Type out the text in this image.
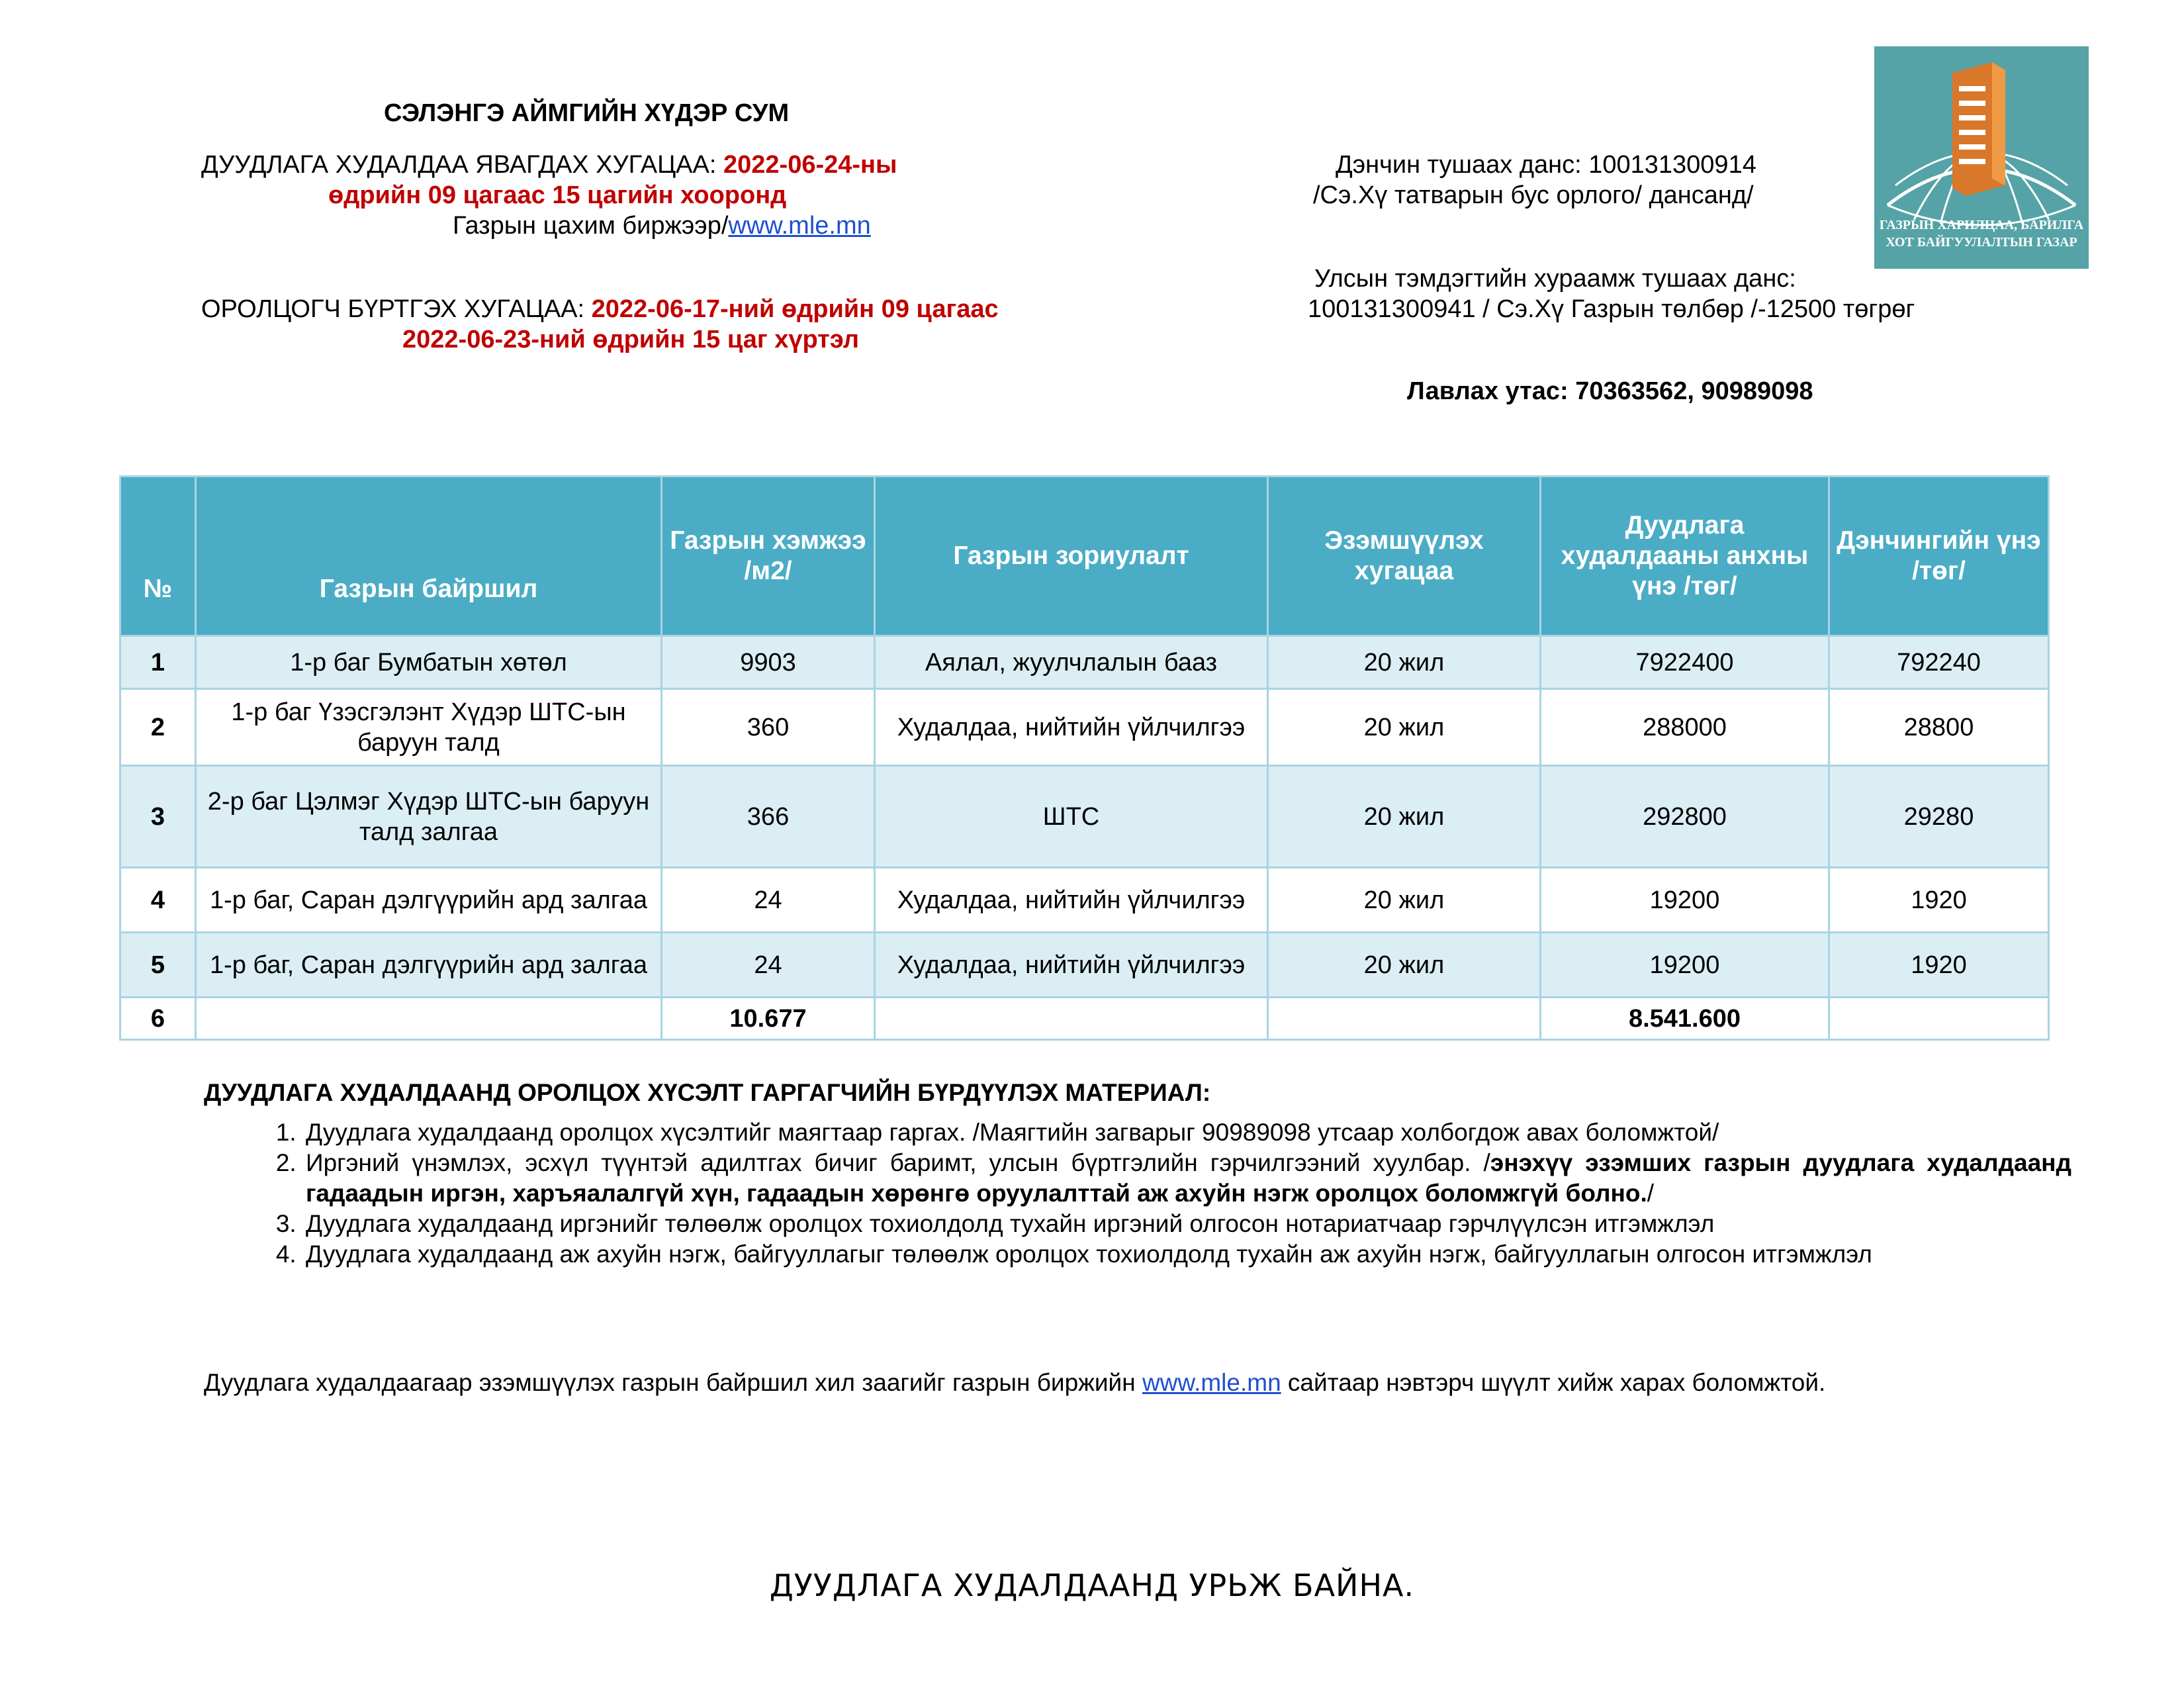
СЭЛЭНГЭ АЙМГИЙН ХҮДЭР СУМ
ДУУДЛАГА ХУДАЛДАА ЯВАГДАХ ХУГАЦАА: 2022-06-24-ны
өдрийн 09 цагаас 15 цагийн хооронд
Газрын цахим биржээр/www.mle.mn
ОРОЛЦОГЧ БҮРТГЭХ ХУГАЦАА: 2022-06-17-ний өдрийн 09 цагаас
2022-06-23-ний өдрийн 15 цаг хүртэл
Дэнчин тушаах данс: 100131300914
/Сэ.Хү татварын бус орлого/ дансанд/
Улсын тэмдэгтийн хураамж тушаах данс:
100131300941 / Сэ.Хү Газрын төлбөр /-12500 төгрөг
Лавлах утас: 70363562, 90989098
ГАЗРЫН ХАРИЛЦАА, БАРИЛГА
ХОТ БАЙГУУЛАЛТЫН ГАЗАР
№	Газрын байршил	Газрын хэмжээ /м2/	Газрын зориулалт	Эзэмшүүлэх хугацаа	Дуудлага худалдааны анхны үнэ /төг/	Дэнчингийн үнэ /төг/
1	1-р баг Бумбатын хөтөл	9903	Аялал, жуулчлалын бааз	20 жил	7922400	792240
2	1-р баг Үзэсгэлэнт Хүдэр ШТС-ын баруун талд	360	Худалдаа, нийтийн үйлчилгээ	20 жил	288000	28800
3	2-р баг Цэлмэг Хүдэр ШТС-ын баруун талд залгаа	366	ШТС	20 жил	292800	29280
4	1-р баг, Саран дэлгүүрийн ард залгаа	24	Худалдаа, нийтийн үйлчилгээ	20 жил	19200	1920
5	1-р баг, Саран дэлгүүрийн ард залгаа	24	Худалдаа, нийтийн үйлчилгээ	20 жил	19200	1920
6		10.677			8.541.600	
ДУУДЛАГА ХУДАЛДААНД ОРОЛЦОХ ХҮСЭЛТ ГАРГАГЧИЙН БҮРДҮҮЛЭХ МАТЕРИАЛ:
1. Дуудлага худалдаанд оролцох хүсэлтийг маягтаар гаргах. /Маягтийн загварыг 90989098 утсаар холбогдож авах боломжтой/
2. Иргэний үнэмлэх, эсхүл түүнтэй адилтгах бичиг баримт, улсын бүртгэлийн гэрчилгээний хуулбар. /энэхүү эзэмших газрын дуудлага худалдаанд гадаадын иргэн, харъяалалгүй хүн, гадаадын хөрөнгө оруулалттай аж ахуйн нэгж оролцох боломжгүй болно./
3. Дуудлага худалдаанд иргэнийг төлөөлж оролцох тохиолдолд тухайн иргэний олгосон нотариатчаар гэрчлүүлсэн итгэмжлэл
4. Дуудлага худалдаанд аж ахуйн нэгж, байгууллагыг төлөөлж оролцох тохиолдолд тухайн аж ахуйн нэгж, байгууллагын олгосон итгэмжлэл
Дуудлага худалдаагаар эзэмшүүлэх газрын байршил хил заагийг газрын биржийн www.mle.mn сайтаар нэвтэрч шүүлт хийж харах боломжтой.
ДУУДЛАГА ХУДАЛДААНД УРЬЖ БАЙНА.
